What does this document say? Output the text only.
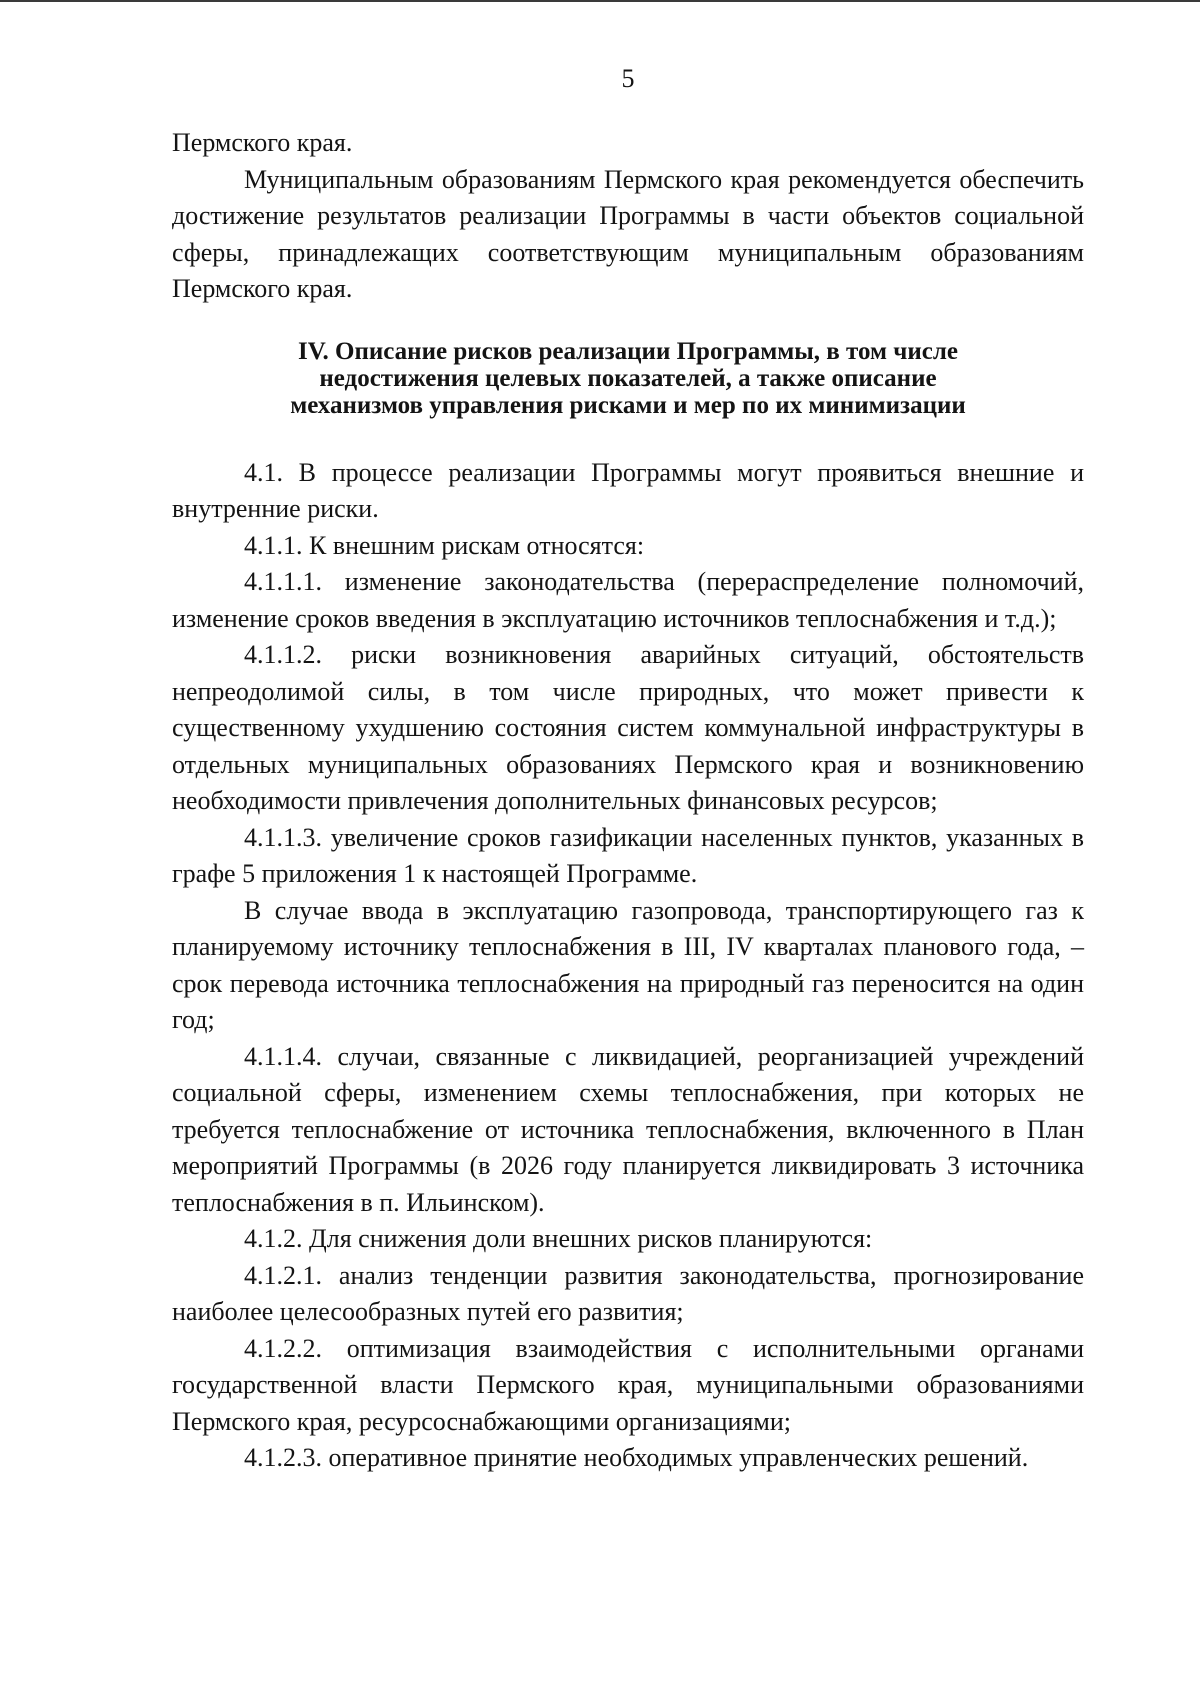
5

Пермского края.

Муниципальным образованиям Пермского края рекомендуется обеспечить достижение результатов реализации Программы в части объектов социальной сферы, принадлежащих соответствующим муниципальным образованиям Пермского края.

IV. Описание рисков реализации Программы, в том числе
недостижения целевых показателей, а также описание
механизмов управления рисками и мер по их минимизации

4.1. В процессе реализации Программы могут проявиться внешние и внутренние риски.

4.1.1. К внешним рискам относятся:

4.1.1.1. изменение законодательства (перераспределение полномочий, изменение сроков введения в эксплуатацию источников теплоснабжения и т.д.);

4.1.1.2. риски возникновения аварийных ситуаций, обстоятельств непреодолимой силы, в том числе природных, что может привести к существенному ухудшению состояния систем коммунальной инфраструктуры в отдельных муниципальных образованиях Пермского края и возникновению необходимости привлечения дополнительных финансовых ресурсов;

4.1.1.3. увеличение сроков газификации населенных пунктов, указанных в графе 5 приложения 1 к настоящей Программе.

В случае ввода в эксплуатацию газопровода, транспортирующего газ к планируемому источнику теплоснабжения в III, IV кварталах планового года, – срок перевода источника теплоснабжения на природный газ переносится на один год;

4.1.1.4. случаи, связанные с ликвидацией, реорганизацией учреждений социальной сферы, изменением схемы теплоснабжения, при которых не требуется теплоснабжение от источника теплоснабжения, включенного в План мероприятий Программы (в 2026 году планируется ликвидировать 3 источника теплоснабжения в п. Ильинском).

4.1.2. Для снижения доли внешних рисков планируются:

4.1.2.1. анализ тенденции развития законодательства, прогнозирование наиболее целесообразных путей его развития;

4.1.2.2. оптимизация взаимодействия с исполнительными органами государственной власти Пермского края, муниципальными образованиями Пермского края, ресурсоснабжающими организациями;

4.1.2.3. оперативное принятие необходимых управленческих решений.
